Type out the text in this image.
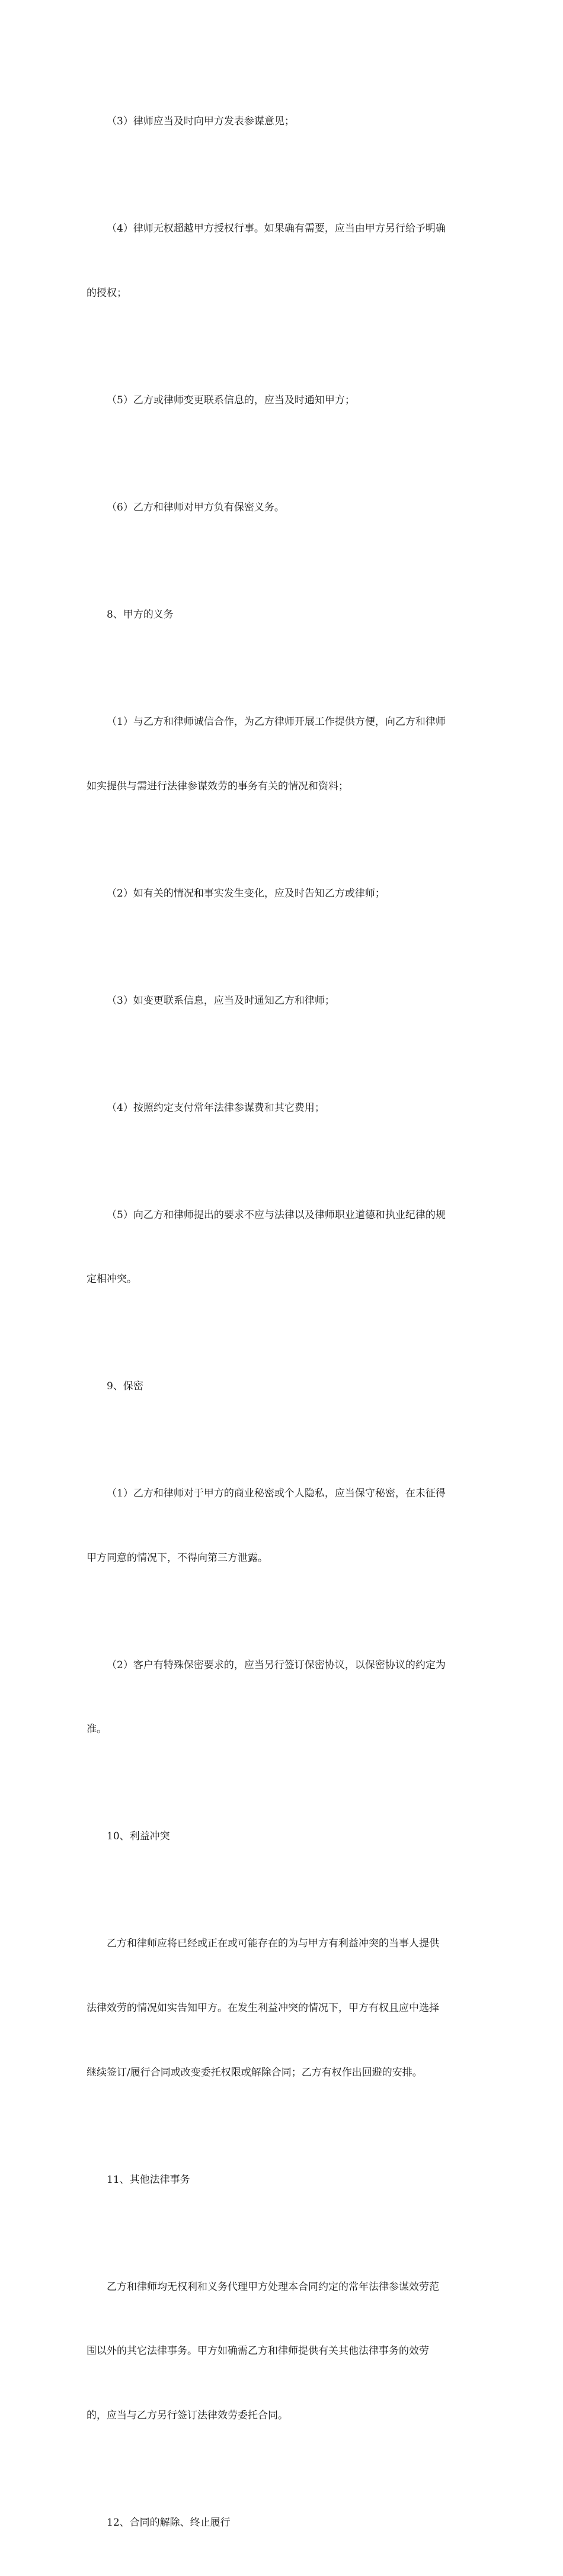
（3）律师应当及时向甲方发表参谋意见；

（4）律师无权超越甲方授权行事。如果确有需要，应当由甲方另行给予明确

的授权；

（5）乙方或律师变更联系信息的，应当及时通知甲方；

（6）乙方和律师对甲方负有保密义务。

8、甲方的义务

（1）与乙方和律师诚信合作，为乙方律师开展工作提供方便，向乙方和律师

如实提供与需进行法律参谋效劳的事务有关的情况和资料；

（2）如有关的情况和事实发生变化，应及时告知乙方或律师；

（3）如变更联系信息，应当及时通知乙方和律师；

（4）按照约定支付常年法律参谋费和其它费用；

（5）向乙方和律师提出的要求不应与法律以及律师职业道德和执业纪律的规

定相冲突。

9、保密

（1）乙方和律师对于甲方的商业秘密或个人隐私，应当保守秘密，在未征得

甲方同意的情况下，不得向第三方泄露。

（2）客户有特殊保密要求的，应当另行签订保密协议，以保密协议的约定为

准。

10、利益冲突

乙方和律师应将已经或正在或可能存在的为与甲方有利益冲突的当事人提供

法律效劳的情况如实告知甲方。在发生利益冲突的情况下，甲方有权且应中选择

继续签订/履行合同或改变委托权限或解除合同；乙方有权作出回避的安排。

11、其他法律事务

乙方和律师均无权利和义务代理甲方处理本合同约定的常年法律参谋效劳范

围以外的其它法律事务。甲方如确需乙方和律师提供有关其他法律事务的效劳

的，应当与乙方另行签订法律效劳委托合同。

12、合同的解除、终止履行
